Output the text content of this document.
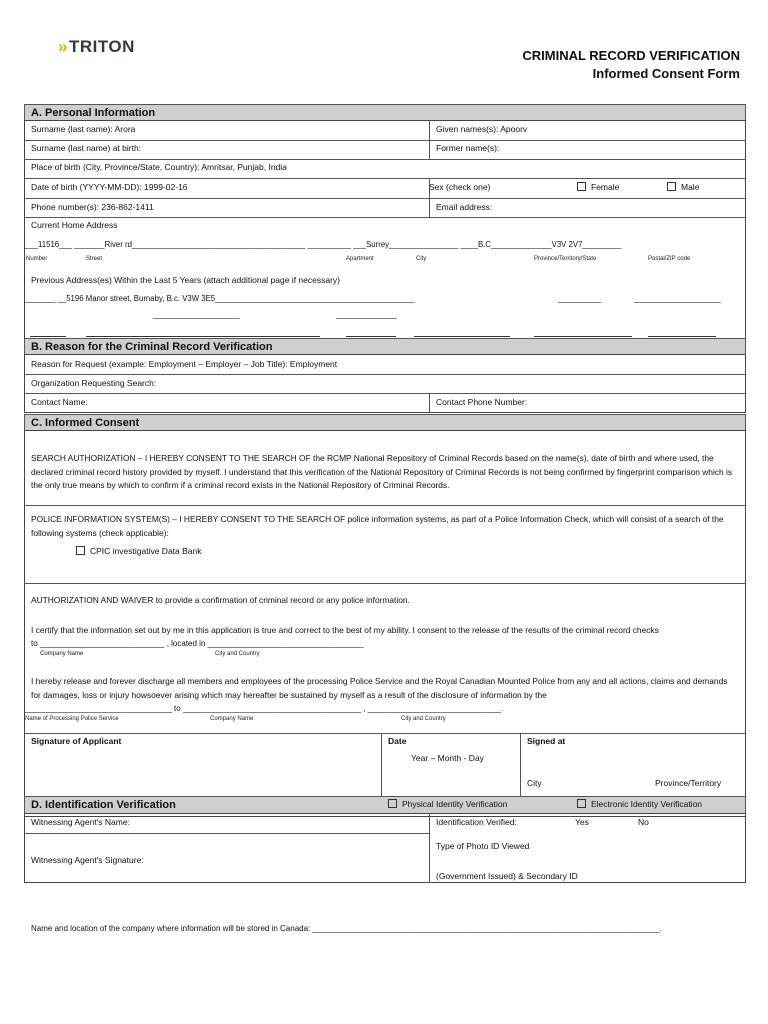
»TRITON	CRIMINAL RECORD VERIFICATION
Informed Consent Form
A. Personal Information
Surname (last name): Arora	Given names(s): Apoorv
Surname (last name) at birth:	Former name(s):
Place of birth (City, Province/State, Country): Amritsar, Punjab, India
Date of birth (YYYY-MM-DD): 1999-02-16	Sex (check one)	Female	Male
Phone number(s): 236-862-1411	Email address:
Current Home Address
___11516___ _______River rd________________________________________ __________ ___Surrey________________ ____B.C______________V3V 2V7_________
Number	Street	Apartment	City	Province/Territory/State	Postal/ZIP code
Previous Address(es) Within the Last 5 Years (attach additional page if necessary)
_______ __5196 Manor street, Burnaby, B.c. V3W 3E5______________________________________________	__________	____________________
____________________	______________
B. Reason for the Criminal Record Verification
Reason for Request (example: Employment – Employer – Job Title): Employment
Organization Requesting Search:
Contact Name:	Contact Phone Number:
C. Informed Consent
SEARCH AUTHORIZATION – I HEREBY CONSENT TO THE SEARCH OF the RCMP National Repository of Criminal Records based on the name(s), date of birth and where used, the declared criminal record history provided by myself. I understand that this verification of the National Repository of Criminal Records is not being confirmed by fingerprint comparison which is the only true means by which to confirm if a criminal record exists in the National Repository of Criminal Records.
POLICE INFORMATION SYSTEM(S) – I HEREBY CONSENT TO THE SEARCH OF police information systems, as part of a Police Information Check, which will consist of a search of the following systems (check applicable):
CPIC investigative Data Bank
AUTHORIZATION AND WAIVER to provide a confirmation of criminal record or any police information.
I certify that the information set out by me in this application is true and correct to the best of my ability. I consent to the release of the results of the criminal record checks
to ____________________________ , located in ___________________________________
Company Name	City and Country
I hereby release and forever discharge all members and employees of the processing Police Service and the Royal Canadian Mounted Police from any and all actions, claims and demands for damages, loss or injury howsoever arising which may hereafter be sustained by myself as a result of the disclosure of information by the
_________________________________ to ________________________________________ , ______________________________.
Name of Processing Police Service	Company Name	City and Country
Signature of Applicant	Date
Year – Month - Day
Signed at
City	Province/Territory
D. Identification Verification	Physical Identity Verification	Electronic Identity Verification
Witnessing Agent's Name:	Identification Verified:	Yes	No
Witnessing Agent's Signature:
Type of Photo ID Viewed
(Government Issued) & Secondary ID
Name and location of the company where information will be stored in Canada: ______________________________________________________________________________.
